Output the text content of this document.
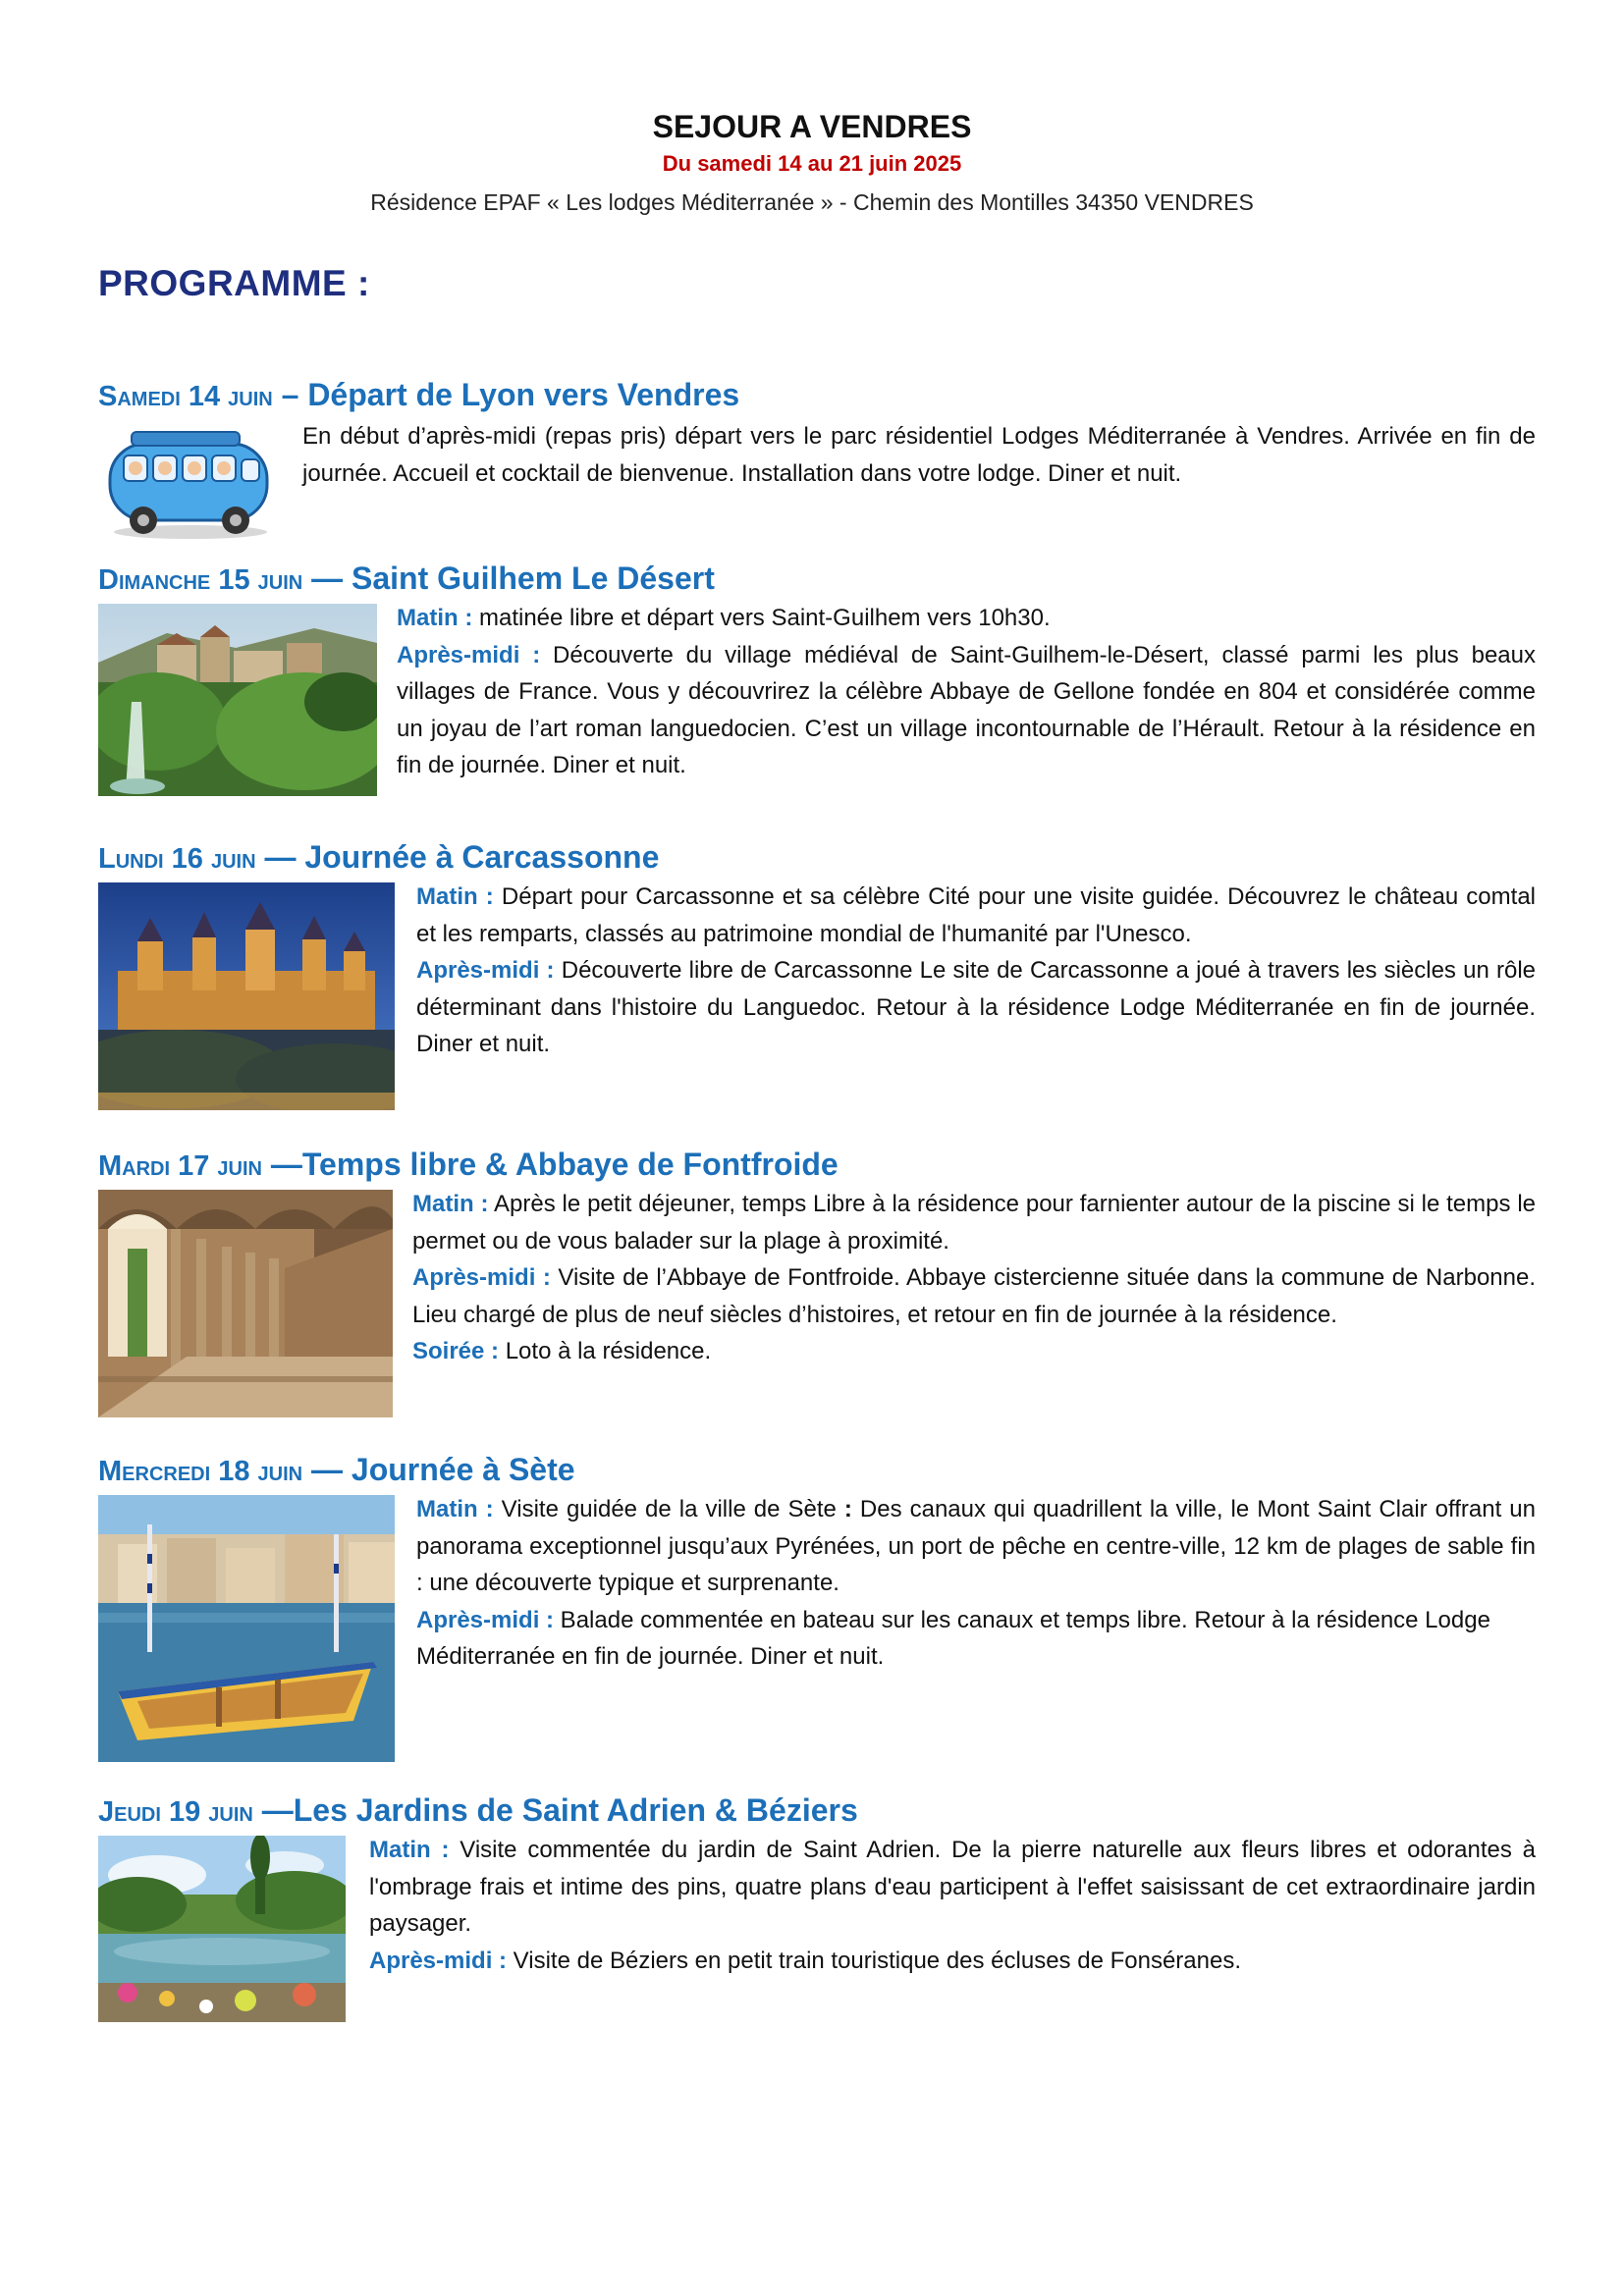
SEJOUR A VENDRES
Du samedi 14 au 21 juin 2025
Résidence EPAF « Les lodges Méditerranée » - Chemin des Montilles 34350 VENDRES
PROGRAMME :
Samedi 14 juin – Départ de Lyon vers Vendres

En début d’après-midi (repas pris) départ vers le parc résidentiel Lodges Méditerranée à Vendres. Arrivée en fin de journée. Accueil et cocktail de bienvenue. Installation dans votre lodge. Diner et nuit.

Dimanche 15 juin — Saint Guilhem Le Désert

Matin : matinée libre et départ vers Saint-Guilhem vers 10h30.

Après-midi : Découverte du village médiéval de Saint-Guilhem-le-Désert, classé parmi les plus beaux villages de France. Vous y découvrirez la célèbre Abbaye de Gellone fondée en 804 et considérée comme un joyau de l’art roman languedocien. C’est un village incontournable de l’Hérault. Retour à la résidence en fin de journée. Diner et nuit.

Lundi 16 juin — Journée à Carcassonne

Matin : Départ pour Carcassonne et sa célèbre Cité pour une visite guidée. Découvrez le château comtal et les remparts, classés au patrimoine mondial de l'humanité par l'Unesco.

Après-midi : Découverte libre de Carcassonne Le site de Carcassonne a joué à travers les siècles un rôle déterminant dans l'histoire du Languedoc. Retour à la résidence Lodge Méditerranée en fin de journée. Diner et nuit.

Mardi 17 juin —Temps libre & Abbaye de Fontfroide

Matin : Après le petit déjeuner, temps Libre à la résidence pour farnienter autour de la piscine si le temps le permet ou de vous balader sur la plage à proximité.

Après-midi : Visite de l’Abbaye de Fontfroide. Abbaye cistercienne située dans la commune de Narbonne. Lieu chargé de plus de neuf siècles d’histoires, et retour en fin de journée à la résidence.

Soirée : Loto à la résidence.

Mercredi 18 juin — Journée à Sète

Matin : Visite guidée de la ville de Sète : Des canaux qui quadrillent la ville, le Mont Saint Clair offrant un panorama exceptionnel jusqu’aux Pyrénées, un port de pêche en centre-ville, 12 km de plages de sable fin : une découverte typique et surprenante.

Après-midi : Balade commentée en bateau sur les canaux et temps libre. Retour à la résidence Lodge

Méditerranée en fin de journée. Diner et nuit.

Jeudi 19 juin —Les Jardins de Saint Adrien & Béziers

Matin : Visite commentée du jardin de Saint Adrien. De la pierre naturelle aux fleurs libres et odorantes à l'ombrage frais et intime des pins, quatre plans d'eau participent à l'effet saisissant de cet extraordinaire jardin paysager.

Après-midi : Visite de Béziers en petit train touristique des écluses de Fonséranes.
